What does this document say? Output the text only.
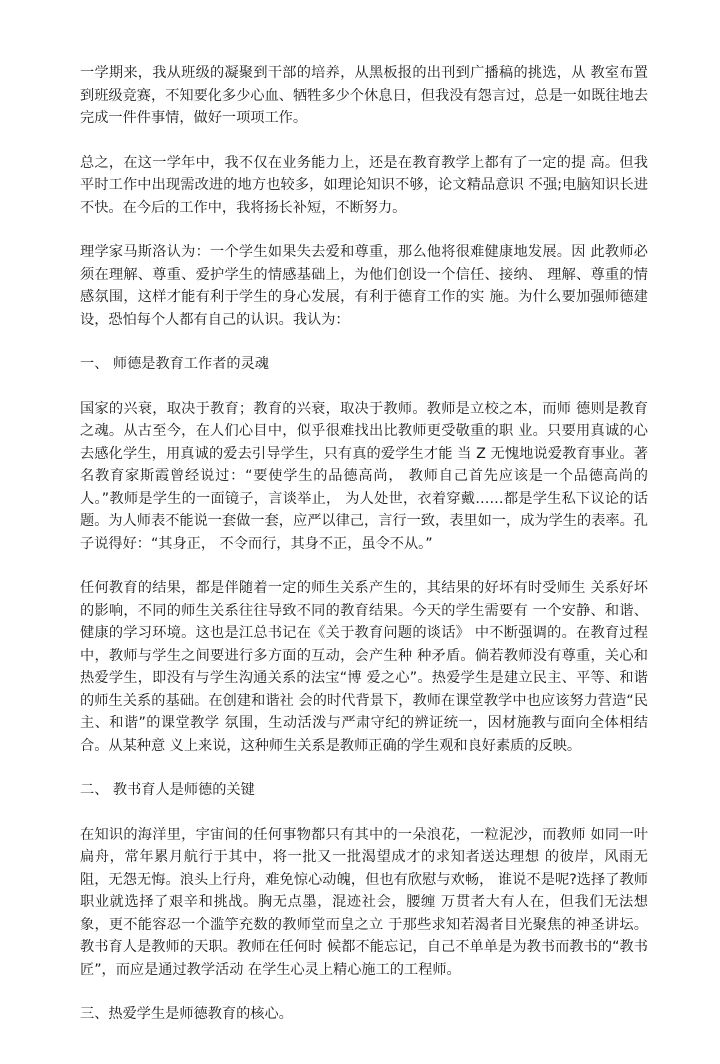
一学期来，我从班级的凝聚到干部的培养，从黑板报的出刊到广播稿的挑选，从 教室布置到班级竞赛，不知要化多少心血、牺牲多少个休息日，但我没有怨言过，总是一如既往地去完成一件件事情，做好一项项工作。

总之，在这一学年中，我不仅在业务能力上，还是在教育教学上都有了一定的提 高。但我平时工作中出现需改进的地方也较多，如理论知识不够，论文精品意识 不强;电脑知识长进不快。在今后的工作中，我将扬长补短，不断努力。

理学家马斯洛认为：一个学生如果失去爱和尊重，那么他将很难健康地发展。因 此教师必须在理解、尊重、爱护学生的情感基础上，为他们创设一个信任、接纳、 理解、尊重的情感氛围，这样才能有利于学生的身心发展，有利于德育工作的实 施。为什么要加强师德建设，恐怕每个人都有自己的认识。我认为：

一、 师德是教育工作者的灵魂

国家的兴衰，取决于教育；教育的兴衰，取决于教师。教师是立校之本，而师 德则是教育之魂。从古至今，在人们心目中，似乎很难找出比教师更受敬重的职 业。只要用真诚的心去感化学生，用真诚的爱去引导学生，只有真的爱学生才能 当 Z 无愧地说爱教育事业。著名教育家斯霞曾经说过：“要使学生的品德高尚， 教师自己首先应该是一个品德高尚的人。”教师是学生的一面镜子，言谈举止， 为人处世，衣着穿戴……都是学生私下议论的话题。为人师表不能说一套做一套，应严以律己，言行一致，表里如一，成为学生的表率。孔子说得好：“其身正， 不令而行，其身不正，虽令不从。”

任何教育的结果，都是伴随着一定的师生关系产生的，其结果的好坏有时受师生 关系好坏的影响，不同的师生关系往往导致不同的教育结果。今天的学生需要有 一个安静、和谐、健康的学习环境。这也是江总书记在《关于教育问题的谈话》 中不断强调的。在教育过程中，教师与学生之间要进行多方面的互动，会产生种 种矛盾。倘若教师没有尊重，关心和热爱学生，即没有与学生沟通关系的法宝“博 爱之心”。热爱学生是建立民主、平等、和谐的师生关系的基础。在创建和谐社 会的时代背景下，教师在课堂教学中也应该努力营造“民主、和谐”的课堂教学 氛围，生动活泼与严肃守纪的辨证统一，因材施教与面向全体相结合。从某种意 义上来说，这种师生关系是教师正确的学生观和良好素质的反映。

二、 教书育人是师德的关键

在知识的海洋里，宇宙间的任何事物都只有其中的一朵浪花，一粒泥沙，而教师 如同一叶扁舟，常年累月航行于其中，将一批又一批渴望成才的求知者送达理想 的彼岸，风雨无阻，无怨无悔。浪头上行舟，难免惊心动魄，但也有欣慰与欢畅， 谁说不是呢?选择了教师职业就选择了艰辛和挑战。胸无点墨，混迹社会，腰缠 万贯者大有人在，但我们无法想象，更不能容忍一个滥竽充数的教师堂而皇之立 于那些求知若渴者目光聚焦的神圣讲坛。教书育人是教师的天职。教师在任何时 候都不能忘记，自己不单单是为教书而教书的“教书匠”，而应是通过教学活动 在学生心灵上精心施工的工程师。

三、热爱学生是师德教育的核心。
